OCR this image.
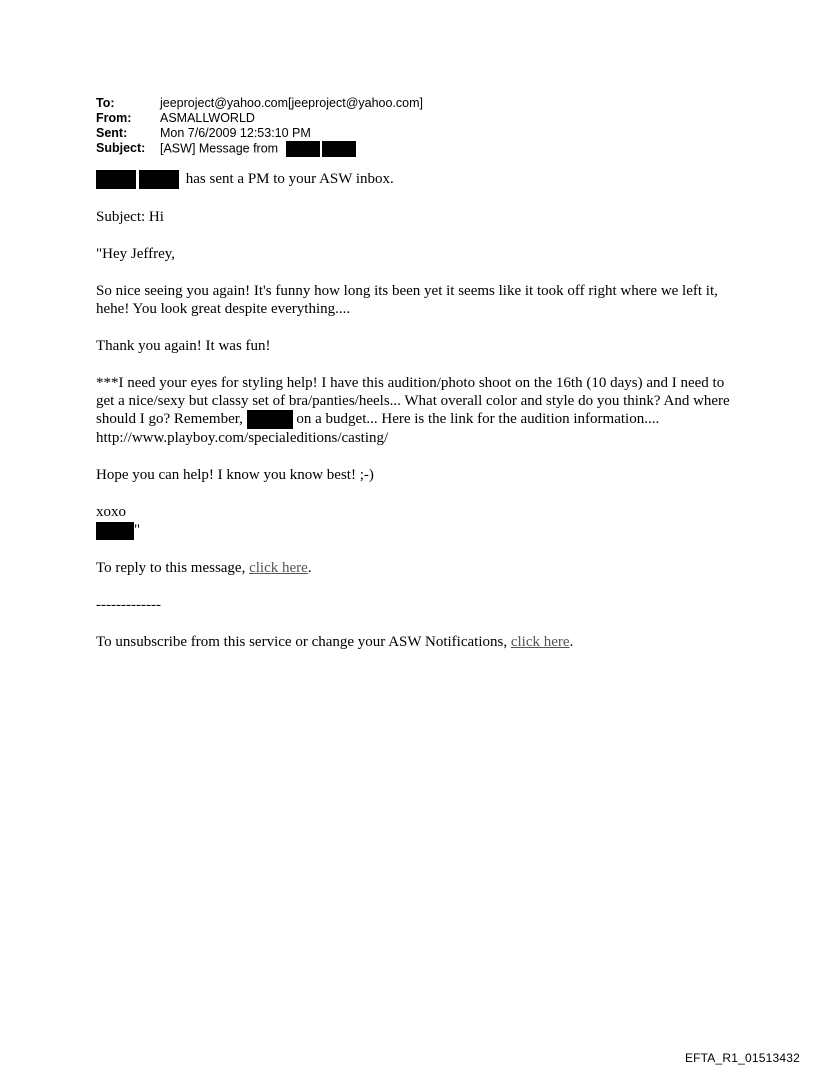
To:	jeeproject@yahoo.com[jeeproject@yahoo.com]
From:	ASMALLWORLD
Sent:	Mon 7/6/2009 12:53:10 PM
Subject:	[ASW] Message from

has sent a PM to your ASW inbox.

Subject: Hi

"Hey Jeffrey,

So nice seeing you again! It's funny how long its been yet it seems like it took off right where we left it, hehe! You look great despite everything....

Thank you again! It was fun!

***I need your eyes for styling help! I have this audition/photo shoot on the 16th (10 days) and I need to get a nice/sexy but classy set of bra/panties/heels... What overall color and style do you think? And where should I go? Remember,	on a budget... Here is the link for the audition information.... http://www.playboy.com/specialeditions/casting/

Hope you can help! I know you know best! ;-)

xoxo
"

To reply to this message, click here.

-------------

To unsubscribe from this service or change your ASW Notifications, click here.

EFTA_R1_01513432
